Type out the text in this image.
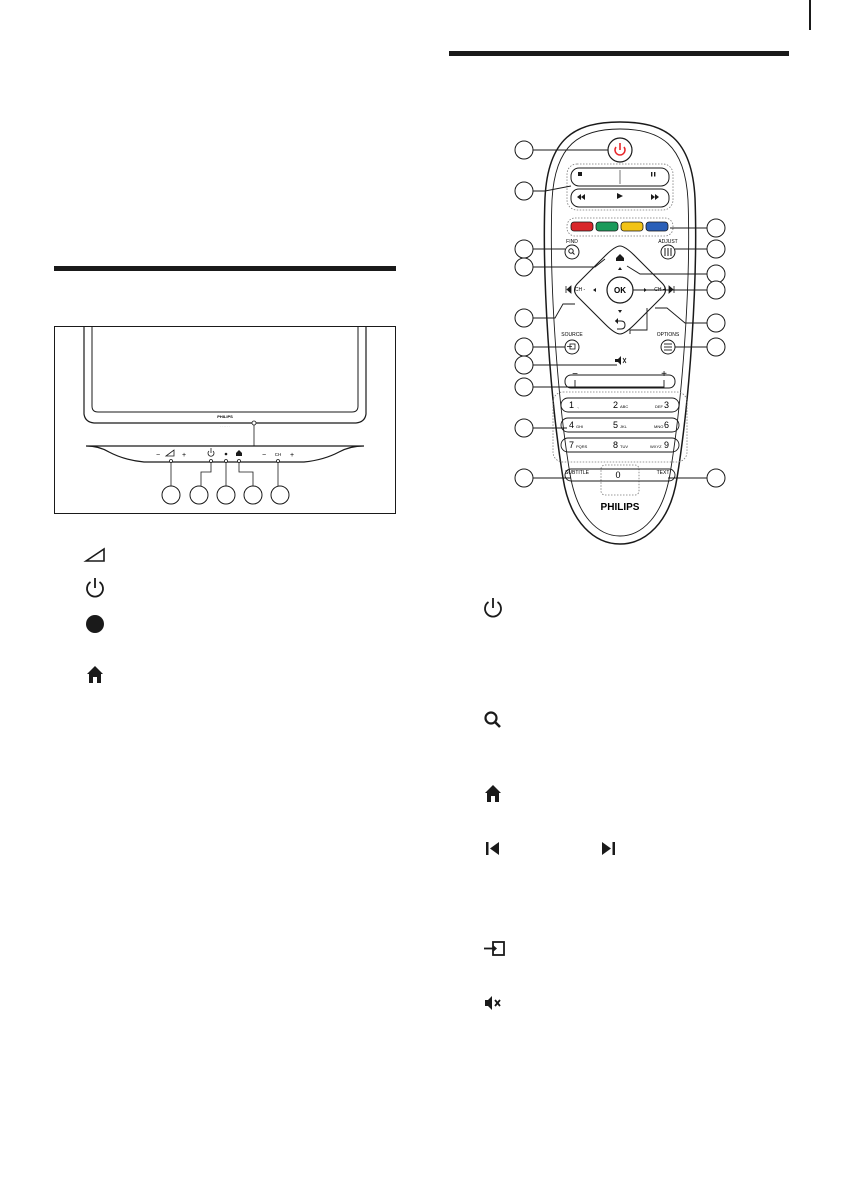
PHILIPS
· · · · · ·
−	+	− CH +
FIND	ADJUST
OK
CH -	CH +
SOURCE	OPTIONS
−	+
1 .,	2 ABC	DEF 3
4 GHI	5 JKL	MNO 6
7 PQRS	8 TUV	WXYZ 9
SUBTITLE	TEXT
0
PHILIPS
